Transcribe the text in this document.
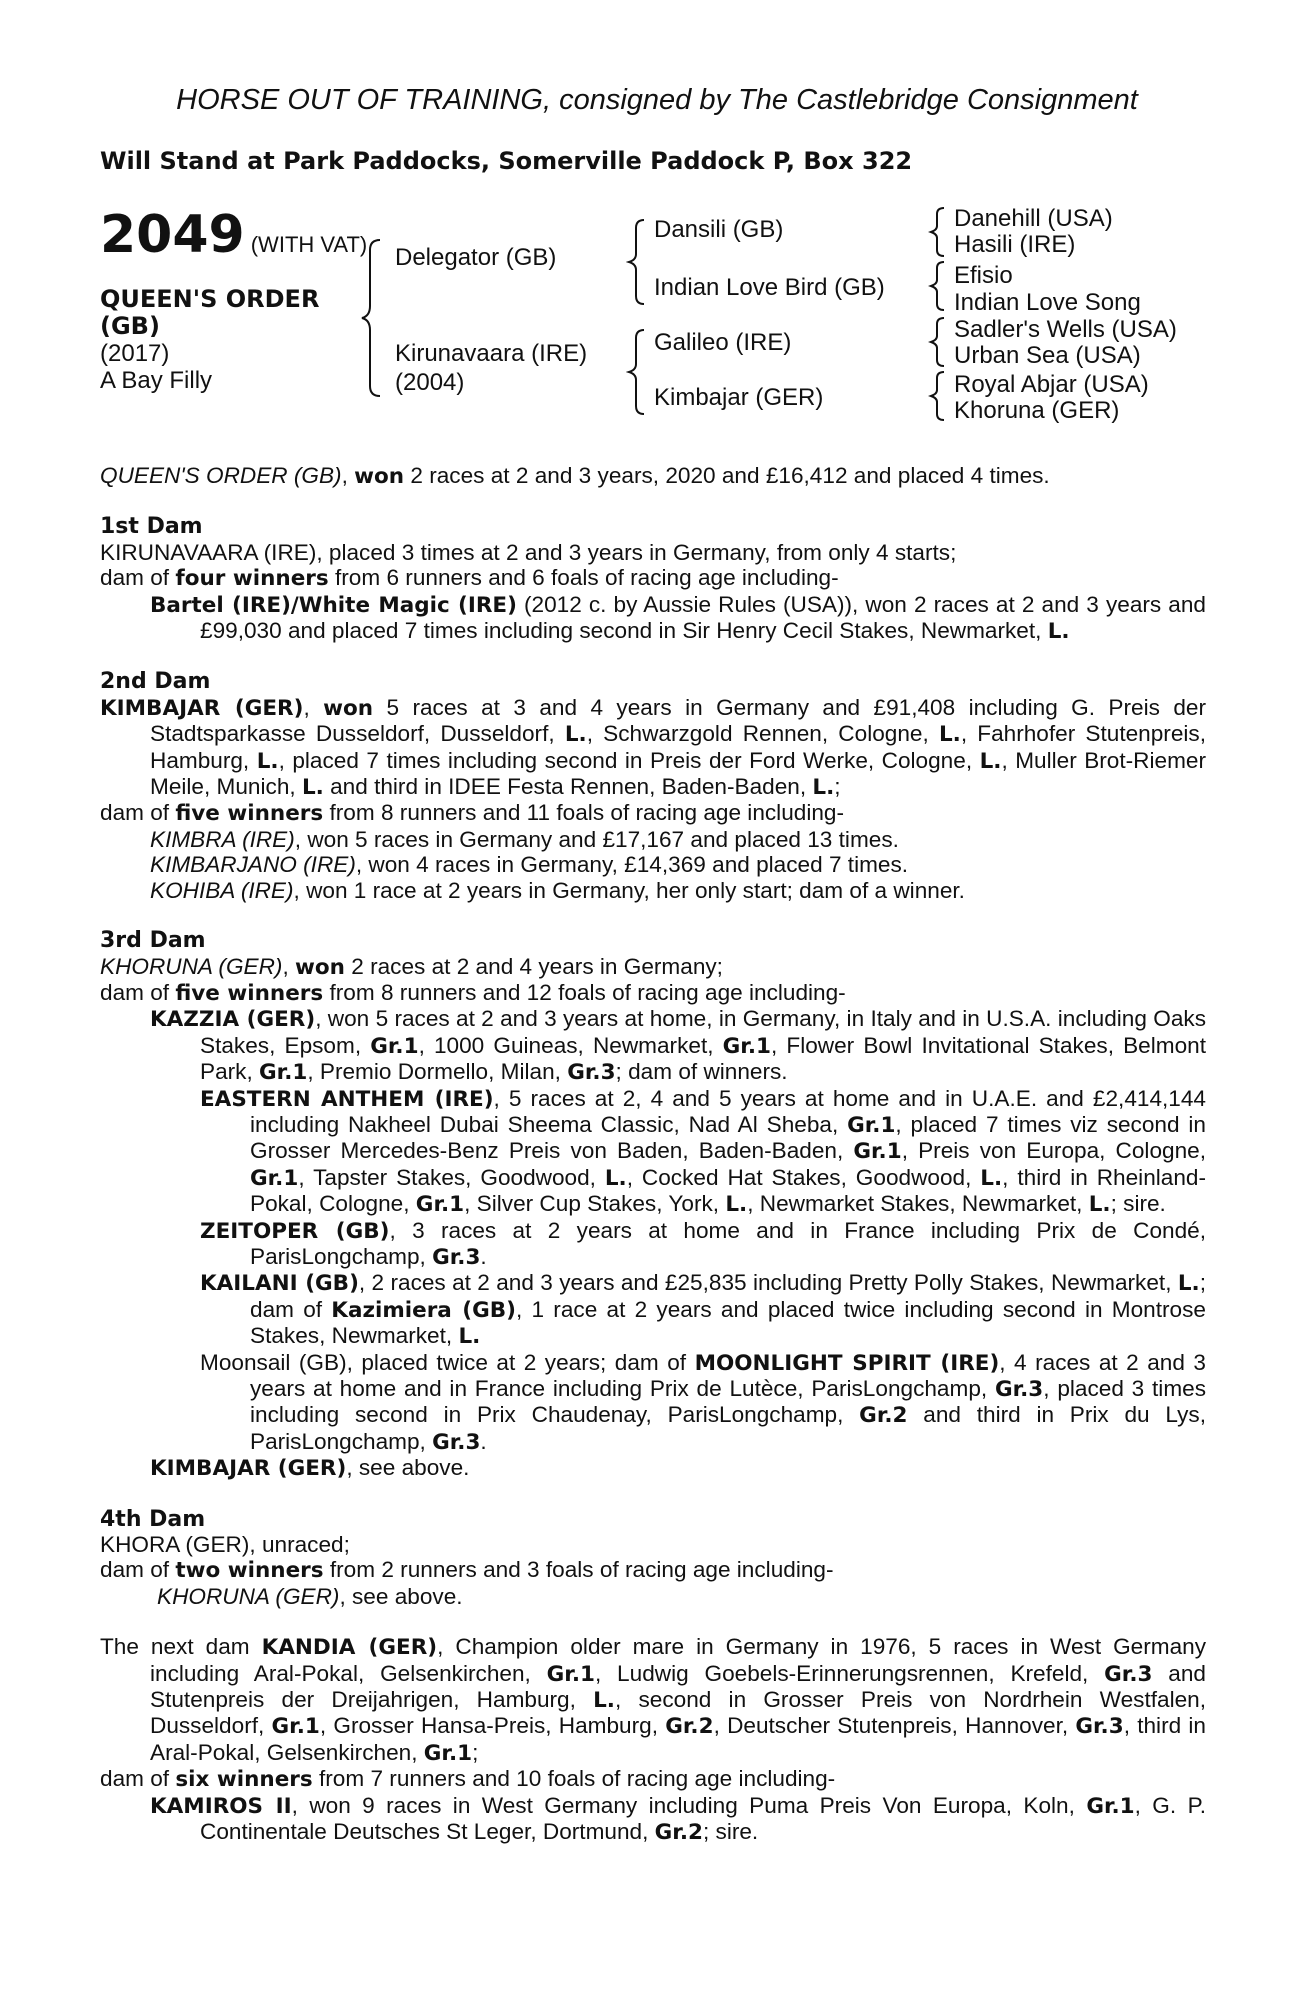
HORSE OUT OF TRAINING, consigned by The Castlebridge Consignment
Will Stand at Park Paddocks, Somerville Paddock P, Box 322
2049 (WITH VAT)
QUEEN'S ORDER (GB)
(2017)
A Bay Filly
Delegator (GB)
Kirunavaara (IRE)
(2004)
Dansili (GB)
Indian Love Bird (GB)
Galileo (IRE)
Kimbajar (GER)
Danehill (USA)
Hasili (IRE)
Efisio
Indian Love Song
Sadler's Wells (USA)
Urban Sea (USA)
Royal Abjar (USA)
Khoruna (GER)

QUEEN'S ORDER (GB), won 2 races at 2 and 3 years, 2020 and £16,412 and placed 4 times.

1st Dam

KIRUNAVAARA (IRE), placed 3 times at 2 and 3 years in Germany, from only 4 starts;

dam of four winners from 6 runners and 6 foals of racing age including-

Bartel (IRE)/White Magic (IRE) (2012 c. by Aussie Rules (USA)), won 2 races at 2 and 3 years and £99,030 and placed 7 times including second in Sir Henry Cecil Stakes, Newmarket, L.

2nd Dam

KIMBAJAR (GER), won 5 races at 3 and 4 years in Germany and £91,408 including G. Preis der Stadtsparkasse Dusseldorf, Dusseldorf, L., Schwarzgold Rennen, Cologne, L., Fahrhofer Stutenpreis, Hamburg, L., placed 7 times including second in Preis der Ford Werke, Cologne, L., Muller Brot-Riemer Meile, Munich, L. and third in IDEE Festa Rennen, Baden-Baden, L.;

dam of five winners from 8 runners and 11 foals of racing age including-

KIMBRA (IRE), won 5 races in Germany and £17,167 and placed 13 times.

KIMBARJANO (IRE), won 4 races in Germany, £14,369 and placed 7 times.

KOHIBA (IRE), won 1 race at 2 years in Germany, her only start; dam of a winner.

3rd Dam

KHORUNA (GER), won 2 races at 2 and 4 years in Germany;

dam of five winners from 8 runners and 12 foals of racing age including-

KAZZIA (GER), won 5 races at 2 and 3 years at home, in Germany, in Italy and in U.S.A. including Oaks Stakes, Epsom, Gr.1, 1000 Guineas, Newmarket, Gr.1, Flower Bowl Invitational Stakes, Belmont Park, Gr.1, Premio Dormello, Milan, Gr.3; dam of winners.

EASTERN ANTHEM (IRE), 5 races at 2, 4 and 5 years at home and in U.A.E. and £2,414,144 including Nakheel Dubai Sheema Classic, Nad Al Sheba, Gr.1, placed 7 times viz second in Grosser Mercedes-Benz Preis von Baden, Baden-Baden, Gr.1, Preis von Europa, Cologne, Gr.1, Tapster Stakes, Goodwood, L., Cocked Hat Stakes, Goodwood, L., third in Rheinland-Pokal, Cologne, Gr.1, Silver Cup Stakes, York, L., Newmarket Stakes, Newmarket, L.; sire.

ZEITOPER (GB), 3 races at 2 years at home and in France including Prix de Condé, ParisLongchamp, Gr.3.

KAILANI (GB), 2 races at 2 and 3 years and £25,835 including Pretty Polly Stakes, Newmarket, L.; dam of Kazimiera (GB), 1 race at 2 years and placed twice including second in Montrose Stakes, Newmarket, L.

Moonsail (GB), placed twice at 2 years; dam of MOONLIGHT SPIRIT (IRE), 4 races at 2 and 3 years at home and in France including Prix de Lutèce, ParisLongchamp, Gr.3, placed 3 times including second in Prix Chaudenay, ParisLongchamp, Gr.2 and third in Prix du Lys, ParisLongchamp, Gr.3.

KIMBAJAR (GER), see above.

4th Dam

KHORA (GER), unraced;

dam of two winners from 2 runners and 3 foals of racing age including-

KHORUNA (GER), see above.

The next dam KANDIA (GER), Champion older mare in Germany in 1976, 5 races in West Germany including Aral-Pokal, Gelsenkirchen, Gr.1, Ludwig Goebels-Erinnerungsrennen, Krefeld, Gr.3 and Stutenpreis der Dreijahrigen, Hamburg, L., second in Grosser Preis von Nordrhein Westfalen, Dusseldorf, Gr.1, Grosser Hansa-Preis, Hamburg, Gr.2, Deutscher Stutenpreis, Hannover, Gr.3, third in Aral-Pokal, Gelsenkirchen, Gr.1;

dam of six winners from 7 runners and 10 foals of racing age including-

KAMIROS II, won 9 races in West Germany including Puma Preis Von Europa, Koln, Gr.1, G. P. Continentale Deutsches St Leger, Dortmund, Gr.2; sire.
